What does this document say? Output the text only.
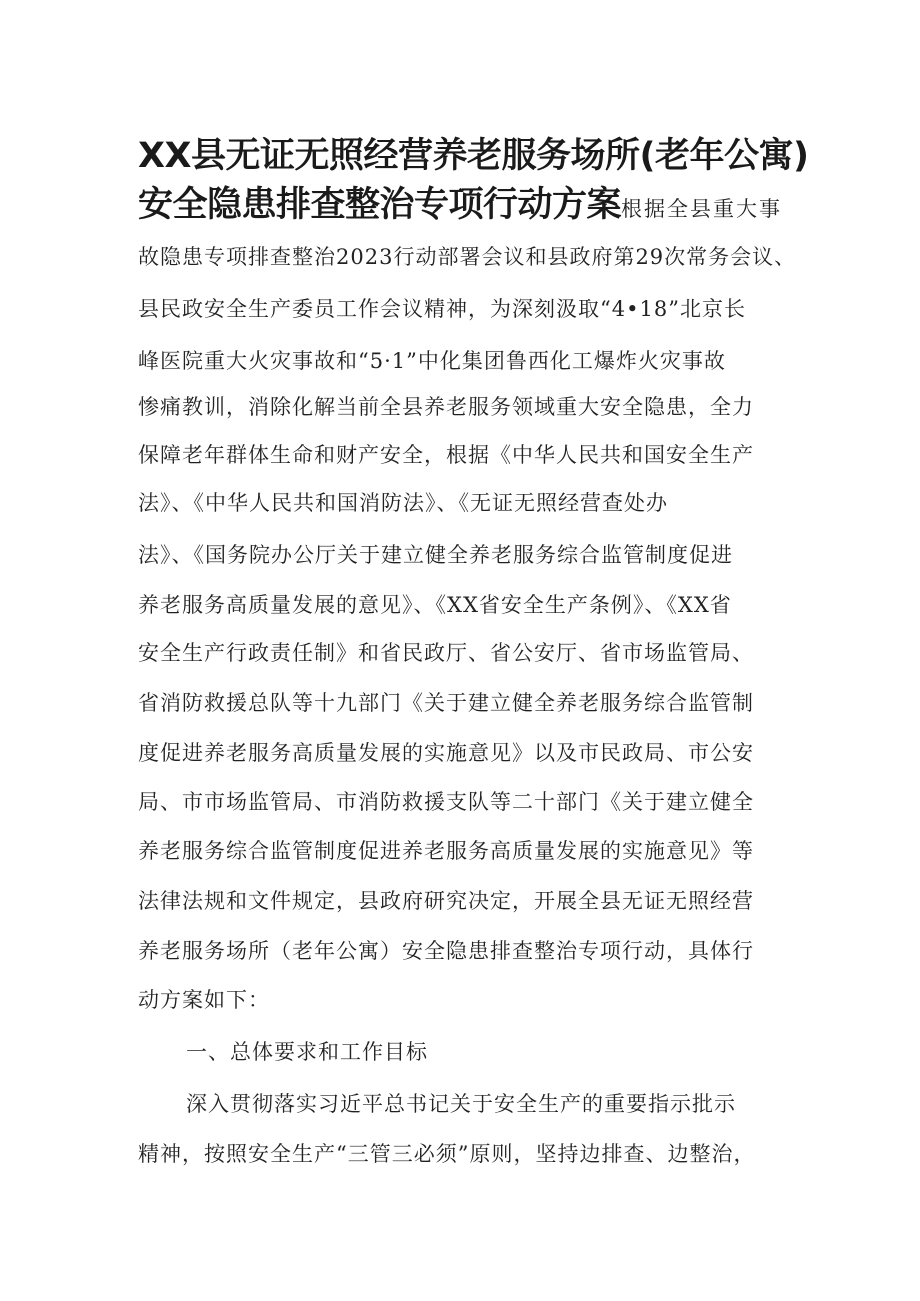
XX县无证无照经营养老服务场所(老年公寓)
安全隐患排查整治专项行动方案根据全县重大事
故隐患专项排查整治2023行动部署会议和县政府第29次常务会议、
县民政安全生产委员工作会议精神，为深刻汲取“4•18”北京长
峰医院重大火灾事故和“5·1”中化集团鲁西化工爆炸火灾事故
惨痛教训，消除化解当前全县养老服务领域重大安全隐患，全力
保障老年群体生命和财产安全，根据《中华人民共和国安全生产
法》、《中华人民共和国消防法》、《无证无照经营查处办
法》、《国务院办公厅关于建立健全养老服务综合监管制度促进
养老服务高质量发展的意见》、《XX省安全生产条例》、《XX省
安全生产行政责任制》和省民政厅、省公安厅、省市场监管局、
省消防救援总队等十九部门《关于建立健全养老服务综合监管制
度促进养老服务高质量发展的实施意见》以及市民政局、市公安
局、市市场监管局、市消防救援支队等二十部门《关于建立健全
养老服务综合监管制度促进养老服务高质量发展的实施意见》等
法律法规和文件规定，县政府研究决定，开展全县无证无照经营
养老服务场所（老年公寓）安全隐患排查整治专项行动，具体行
动方案如下：
一、总体要求和工作目标
深入贯彻落实习近平总书记关于安全生产的重要指示批示
精神，按照安全生产“三管三必须”原则，坚持边排查、边整治，
